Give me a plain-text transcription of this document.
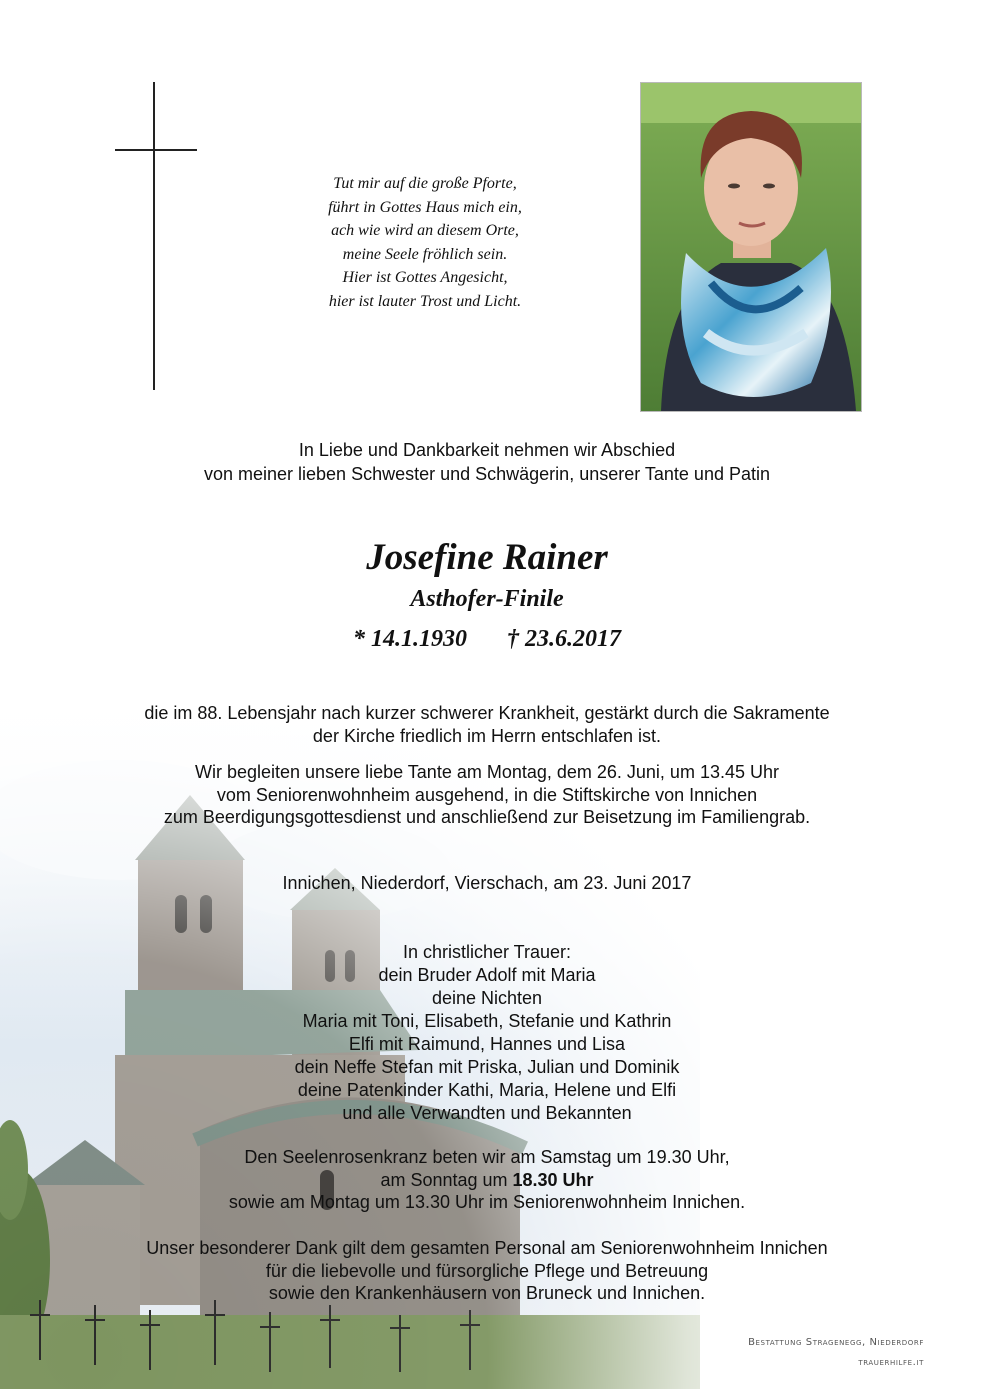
Tut mir auf die große Pforte,
führt in Gottes Haus mich ein,
ach wie wird an diesem Orte,
meine Seele fröhlich sein.
Hier ist Gottes Angesicht,
hier ist lauter Trost und Licht.
In Liebe und Dankbarkeit nehmen wir Abschied
von meiner lieben Schwester und Schwägerin, unserer Tante und Patin
Josefine Rainer
Asthofer-Finile
* 14.1.1930 † 23.6.2017
die im 88. Lebensjahr nach kurzer schwerer Krankheit, gestärkt durch die Sakramente
der Kirche friedlich im Herrn entschlafen ist.
Wir begleiten unsere liebe Tante am Montag, dem 26. Juni, um 13.45 Uhr
vom Seniorenwohnheim ausgehend, in die Stiftskirche von Innichen
zum Beerdigungsgottesdienst und anschließend zur Beisetzung im Familiengrab.
Innichen, Niederdorf, Vierschach, am 23. Juni 2017
In christlicher Trauer:
dein Bruder Adolf mit Maria
deine Nichten
Maria mit Toni, Elisabeth, Stefanie und Kathrin
Elfi mit Raimund, Hannes und Lisa
dein Neffe Stefan mit Priska, Julian und Dominik
deine Patenkinder Kathi, Maria, Helene und Elfi
und alle Verwandten und Bekannten
Den Seelenrosenkranz beten wir am Samstag um 19.30 Uhr,
am Sonntag um 18.30 Uhr
sowie am Montag um 13.30 Uhr im Seniorenwohnheim Innichen.
Unser besonderer Dank gilt dem gesamten Personal am Seniorenwohnheim Innichen
für die liebevolle und fürsorgliche Pflege und Betreuung
sowie den Krankenhäusern von Bruneck und Innichen.
Bestattung Stragenegg, Niederdorf
trauerhilfe.it
